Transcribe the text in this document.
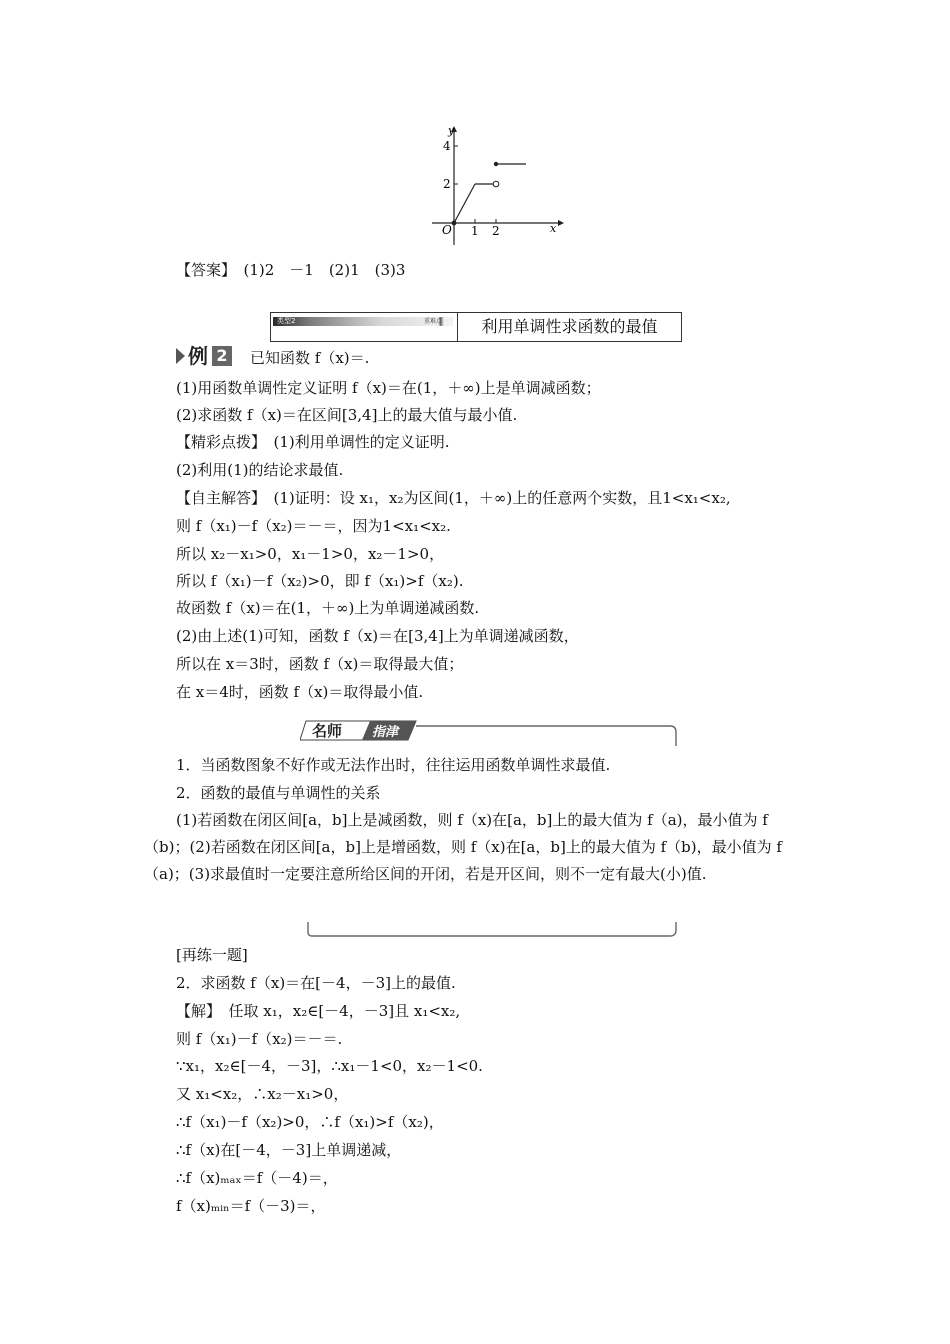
y
x
O
4
2
1 2
【答案】　(1)2　－1　(2)1　(3)3
类型2	重难点	利用单调性求函数的最值
例 2 已知函数 f（x)＝.
(1)用函数单调性定义证明 f（x)＝在(1，＋∞)上是单调减函数；
(2)求函数 f（x)＝在区间[3,4]上的最大值与最小值.
【精彩点拨】　(1)利用单调性的定义证明.
(2)利用(1)的结论求最值.
【自主解答】　(1)证明：设 x₁，x₂为区间(1，＋∞)上的任意两个实数，且1<x₁<x₂,
则 f（x₁)－f（x₂)＝－＝，因为1<x₁<x₂.
所以 x₂－x₁>0，x₁－1>0，x₂－1>0，
所以 f（x₁)－f（x₂)>0，即 f（x₁)>f（x₂).
故函数 f（x)＝在(1，＋∞)上为单调递减函数.
(2)由上述(1)可知，函数 f（x)＝在[3,4]上为单调递减函数，
所以在 x＝3时，函数 f（x)＝取得最大值；
在 x＝4时，函数 f（x)＝取得最小值.
名师 指津
1．当函数图象不好作或无法作出时，往往运用函数单调性求最值.
2．函数的最值与单调性的关系
(1)若函数在闭区间[a，b]上是减函数，则 f（x)在[a，b]上的最大值为 f（a)，最小值为 f（b)；(2)若函数在闭区间[a，b]上是增函数，则 f（x)在[a，b]上的最大值为 f（b)，最小值为 f（a)；(3)求最值时一定要注意所给区间的开闭，若是开区间，则不一定有最大(小)值.
[再练一题]
2．求函数 f（x)＝在[－4，－3]上的最值.
【解】　任取 x₁，x₂∈[－4，－3]且 x₁<x₂,
则 f（x₁)－f（x₂)＝－＝.
∵x₁，x₂∈[－4，－3]，∴x₁－1<0，x₂－1<0.
又 x₁<x₂，∴x₂－x₁>0，
∴f（x₁)－f（x₂)>0，∴f（x₁)>f（x₂)，
∴f（x)在[－4，－3]上单调递减，
∴f（x)ₘₐₓ＝f（－4)＝，
f（x)ₘᵢₙ＝f（－3)＝，
